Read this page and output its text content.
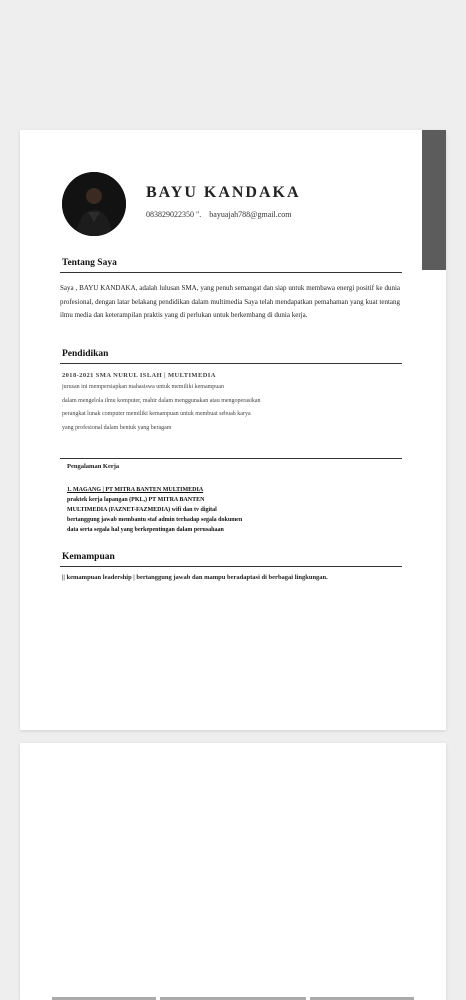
BAYU KANDAKA
083829022350 ". bayuajah788@gmail.com
Tentang Saya
Saya , BAYU KANDAKA, adalah lulusan SMA, yang penuh semangat dan siap untuk membawa energi positif ke dunia profesional, dengan latar belakang pendidikan dalam multimedia Saya telah mendapatkan pemahaman yang kuat tentang ilmu media dan keterampilan praktis yang di perlukan untuk berkembang di dunia kerja.
Pendidikan
2018-2021 SMA NURUL ISLAH | MULTIMEDIA
jurusan ini mempersiapkan mahasiswa untuk memiliki kemampuan
dalam mengelola ilmu komputer, mahir dalam menggunakan atau mengoperasikan
perangkat lunak computer memiliki kemampuan untuk membuat sebuah karya
yang profesional dalam bentuk yang beragam
Pengalaman Kerja
1. MAGANG | PT MITRA BANTEN MULTIMEDIA
praktek kerja lapangan (PKL,) PT MITRA BANTEN
MULTIMEDIA (FAZNET-FAZMEDIA) wifi dan tv digital
bertanggung jawab membantu staf admin terhadap segala dokumen
data serta segala hal yang berkepentingan dalam perusahaan
Kemampuan
|| kemampuan leadership | bertanggung jawab dan mampu beradaptasi di berbagai lingkungan.
